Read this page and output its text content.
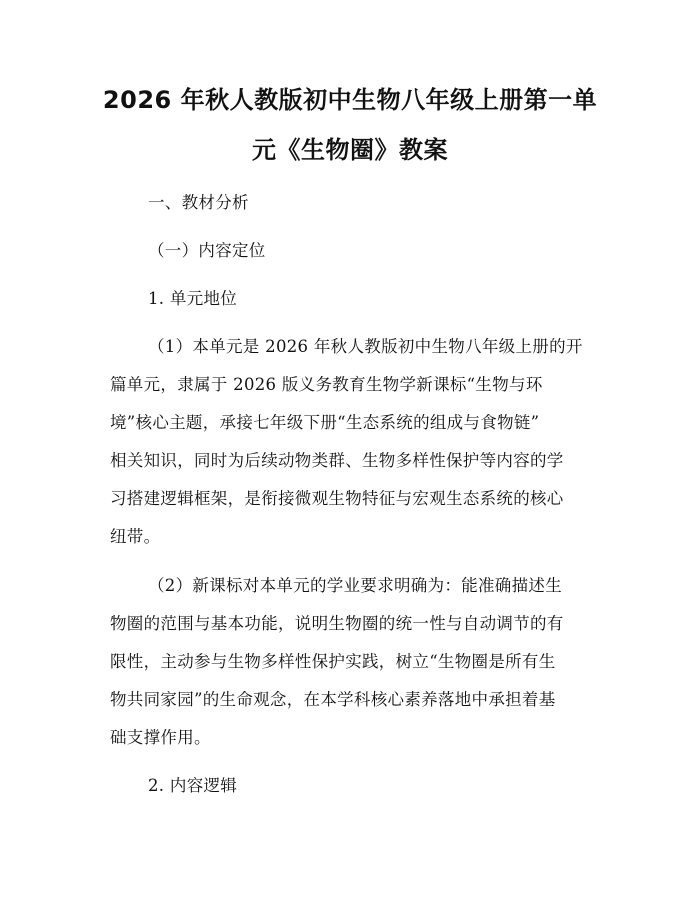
2026 年秋人教版初中生物八年级上册第一单
元《生物圈》教案
一、教材分析
（一）内容定位
1. 单元地位
（1）本单元是 2026 年秋人教版初中生物八年级上册的开
篇单元，隶属于 2026 版义务教育生物学新课标“生物与环
境”核心主题，承接七年级下册“生态系统的组成与食物链”
相关知识，同时为后续动物类群、生物多样性保护等内容的学
习搭建逻辑框架，是衔接微观生物特征与宏观生态系统的核心
纽带。
（2）新课标对本单元的学业要求明确为：能准确描述生
物圈的范围与基本功能，说明生物圈的统一性与自动调节的有
限性，主动参与生物多样性保护实践，树立“生物圈是所有生
物共同家园”的生命观念，在本学科核心素养落地中承担着基
础支撑作用。
2. 内容逻辑
